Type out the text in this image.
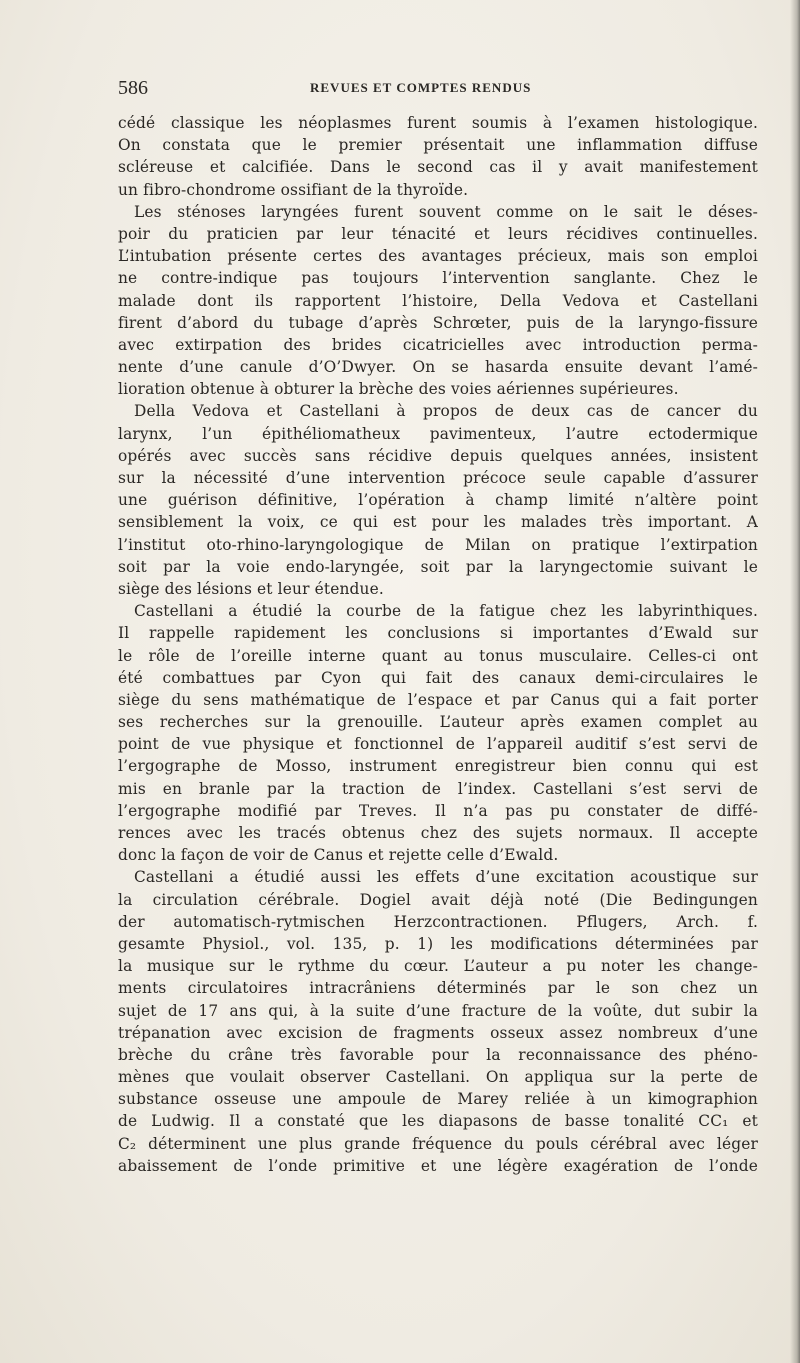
586	REVUES ET COMPTES RENDUS
cédé classique les néoplasmes furent soumis à l’examen histologique.
On constata que le premier présentait une inflammation diffuse
scléreuse et calcifiée. Dans le second cas il y avait manifestement
un fibro-chondrome ossifiant de la thyroïde.
Les sténoses laryngées furent souvent comme on le sait le déses-
poir du praticien par leur ténacité et leurs récidives continuelles.
L’intubation présente certes des avantages précieux, mais son emploi
ne contre-indique pas toujours l’intervention sanglante. Chez le
malade dont ils rapportent l’histoire, Della Vedova et Castellani
firent d’abord du tubage d’après Schrœter, puis de la laryngo-fissure
avec extirpation des brides cicatricielles avec introduction perma-
nente d’une canule d’O’Dwyer. On se hasarda ensuite devant l’amé-
lioration obtenue à obturer la brèche des voies aériennes supérieures.
Della Vedova et Castellani à propos de deux cas de cancer du
larynx, l’un épithéliomatheux pavimenteux, l’autre ectodermique
opérés avec succès sans récidive depuis quelques années, insistent
sur la nécessité d’une intervention précoce seule capable d’assurer
une guérison définitive, l’opération à champ limité n’altère point
sensiblement la voix, ce qui est pour les malades très important. A
l’institut oto-rhino-laryngologique de Milan on pratique l’extirpation
soit par la voie endo-laryngée, soit par la laryngectomie suivant le
siège des lésions et leur étendue.
Castellani a étudié la courbe de la fatigue chez les labyrinthiques.
Il rappelle rapidement les conclusions si importantes d’Ewald sur
le rôle de l’oreille interne quant au tonus musculaire. Celles-ci ont
été combattues par Cyon qui fait des canaux demi-circulaires le
siège du sens mathématique de l’espace et par Canus qui a fait porter
ses recherches sur la grenouille. L’auteur après examen complet au
point de vue physique et fonctionnel de l’appareil auditif s’est servi de
l’ergographe de Mosso, instrument enregistreur bien connu qui est
mis en branle par la traction de l’index. Castellani s’est servi de
l’ergographe modifié par Treves. Il n’a pas pu constater de diffé-
rences avec les tracés obtenus chez des sujets normaux. Il accepte
donc la façon de voir de Canus et rejette celle d’Ewald.
Castellani a étudié aussi les effets d’une excitation acoustique sur
la circulation cérébrale. Dogiel avait déjà noté (Die Bedingungen
der automatisch-rytmischen Herzcontractionen. Pflugers, Arch. f.
gesamte Physiol., vol. 135, p. 1) les modifications déterminées par
la musique sur le rythme du cœur. L’auteur a pu noter les change-
ments circulatoires intracrâniens déterminés par le son chez un
sujet de 17 ans qui, à la suite d’une fracture de la voûte, dut subir la
trépanation avec excision de fragments osseux assez nombreux d’une
brèche du crâne très favorable pour la reconnaissance des phéno-
mènes que voulait observer Castellani. On appliqua sur la perte de
substance osseuse une ampoule de Marey reliée à un kimographion
de Ludwig. Il a constaté que les diapasons de basse tonalité CC₁ et
C₂ déterminent une plus grande fréquence du pouls cérébral avec léger
abaissement de l’onde primitive et une légère exagération de l’onde
